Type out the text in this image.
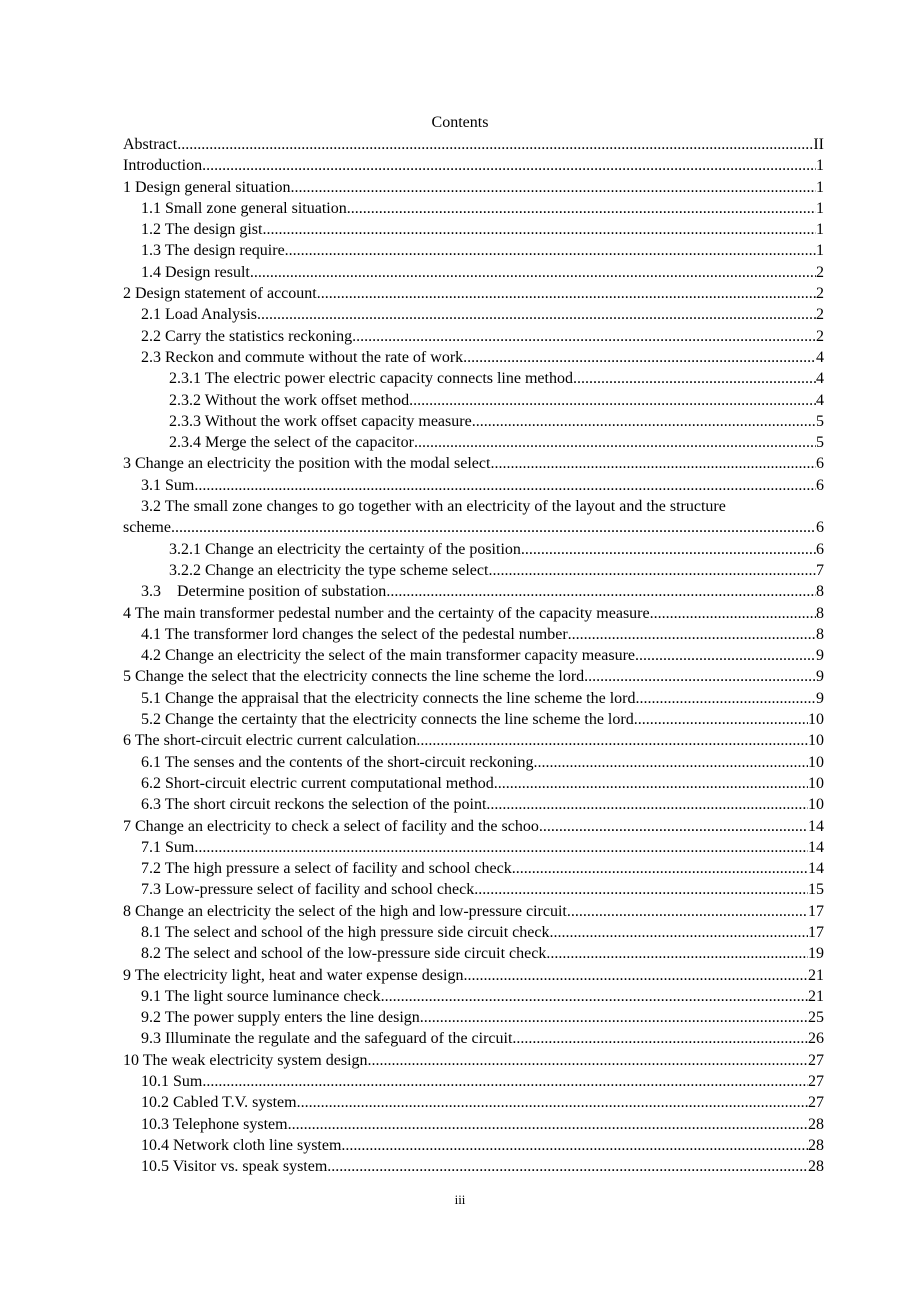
Contents
Abstract .....	II
Introduction .....	1
1 Design general situation .....	1
1.1 Small zone general situation .....	1
1.2 The design gist .....	1
1.3 The design require .....	1
1.4 Design result .....	2
2 Design statement of account .....	2
2.1 Load Analysis .....	2
2.2 Carry the statistics reckoning .....	2
2.3 Reckon and commute without the rate of work .....	4
2.3.1 The electric power electric capacity connects line method .....	4
2.3.2 Without the work offset method .....	4
2.3.3 Without the work offset capacity measure .....	5
2.3.4 Merge the select of the capacitor .....	5
3 Change an electricity the position with the modal select .....	6
3.1 Sum .....	6
3.2 The small zone changes to go together with an electricity of the layout and the structure
scheme .....	6
3.2.1 Change an electricity the certainty of the position .....	6
3.2.2 Change an electricity the type scheme select .....	7
3.3    Determine position of substation .....	8
4 The main transformer pedestal number and the certainty of the capacity measure .....	8
4.1 The transformer lord changes the select of the pedestal number .....	8
4.2 Change an electricity the select of the main transformer capacity measure .....	9
5 Change the select that the electricity connects the line scheme the lord .....	9
5.1 Change the appraisal that the electricity connects the line scheme the lord .....	9
5.2 Change the certainty that the electricity connects the line scheme the lord .....	10
6 The short-circuit electric current calculation .....	10
6.1 The senses and the contents of the short-circuit reckoning .....	10
6.2 Short-circuit electric current computational method .....	10
6.3 The short circuit reckons the selection of the point .....	10
7 Change an electricity to check a select of facility and the schoo .....	14
7.1 Sum .....	14
7.2 The high pressure a select of facility and school check .....	14
7.3 Low-pressure select of facility and school check .....	15
8 Change an electricity the select of the high and low-pressure circuit .....	17
8.1 The select and school of the high pressure side circuit check .....	17
8.2 The select and school of the low-pressure side circuit check .....	19
9 The electricity light, heat and water expense design .....	21
9.1 The light source luminance check .....	21
9.2 The power supply enters the line design .....	25
9.3 Illuminate the regulate and the safeguard of the circuit .....	26
10 The weak electricity system design .....	27
10.1 Sum .....	27
10.2 Cabled T.V. system .....	27
10.3 Telephone system .....	28
10.4 Network cloth line system .....	28
10.5 Visitor vs. speak system .....	28
iii
